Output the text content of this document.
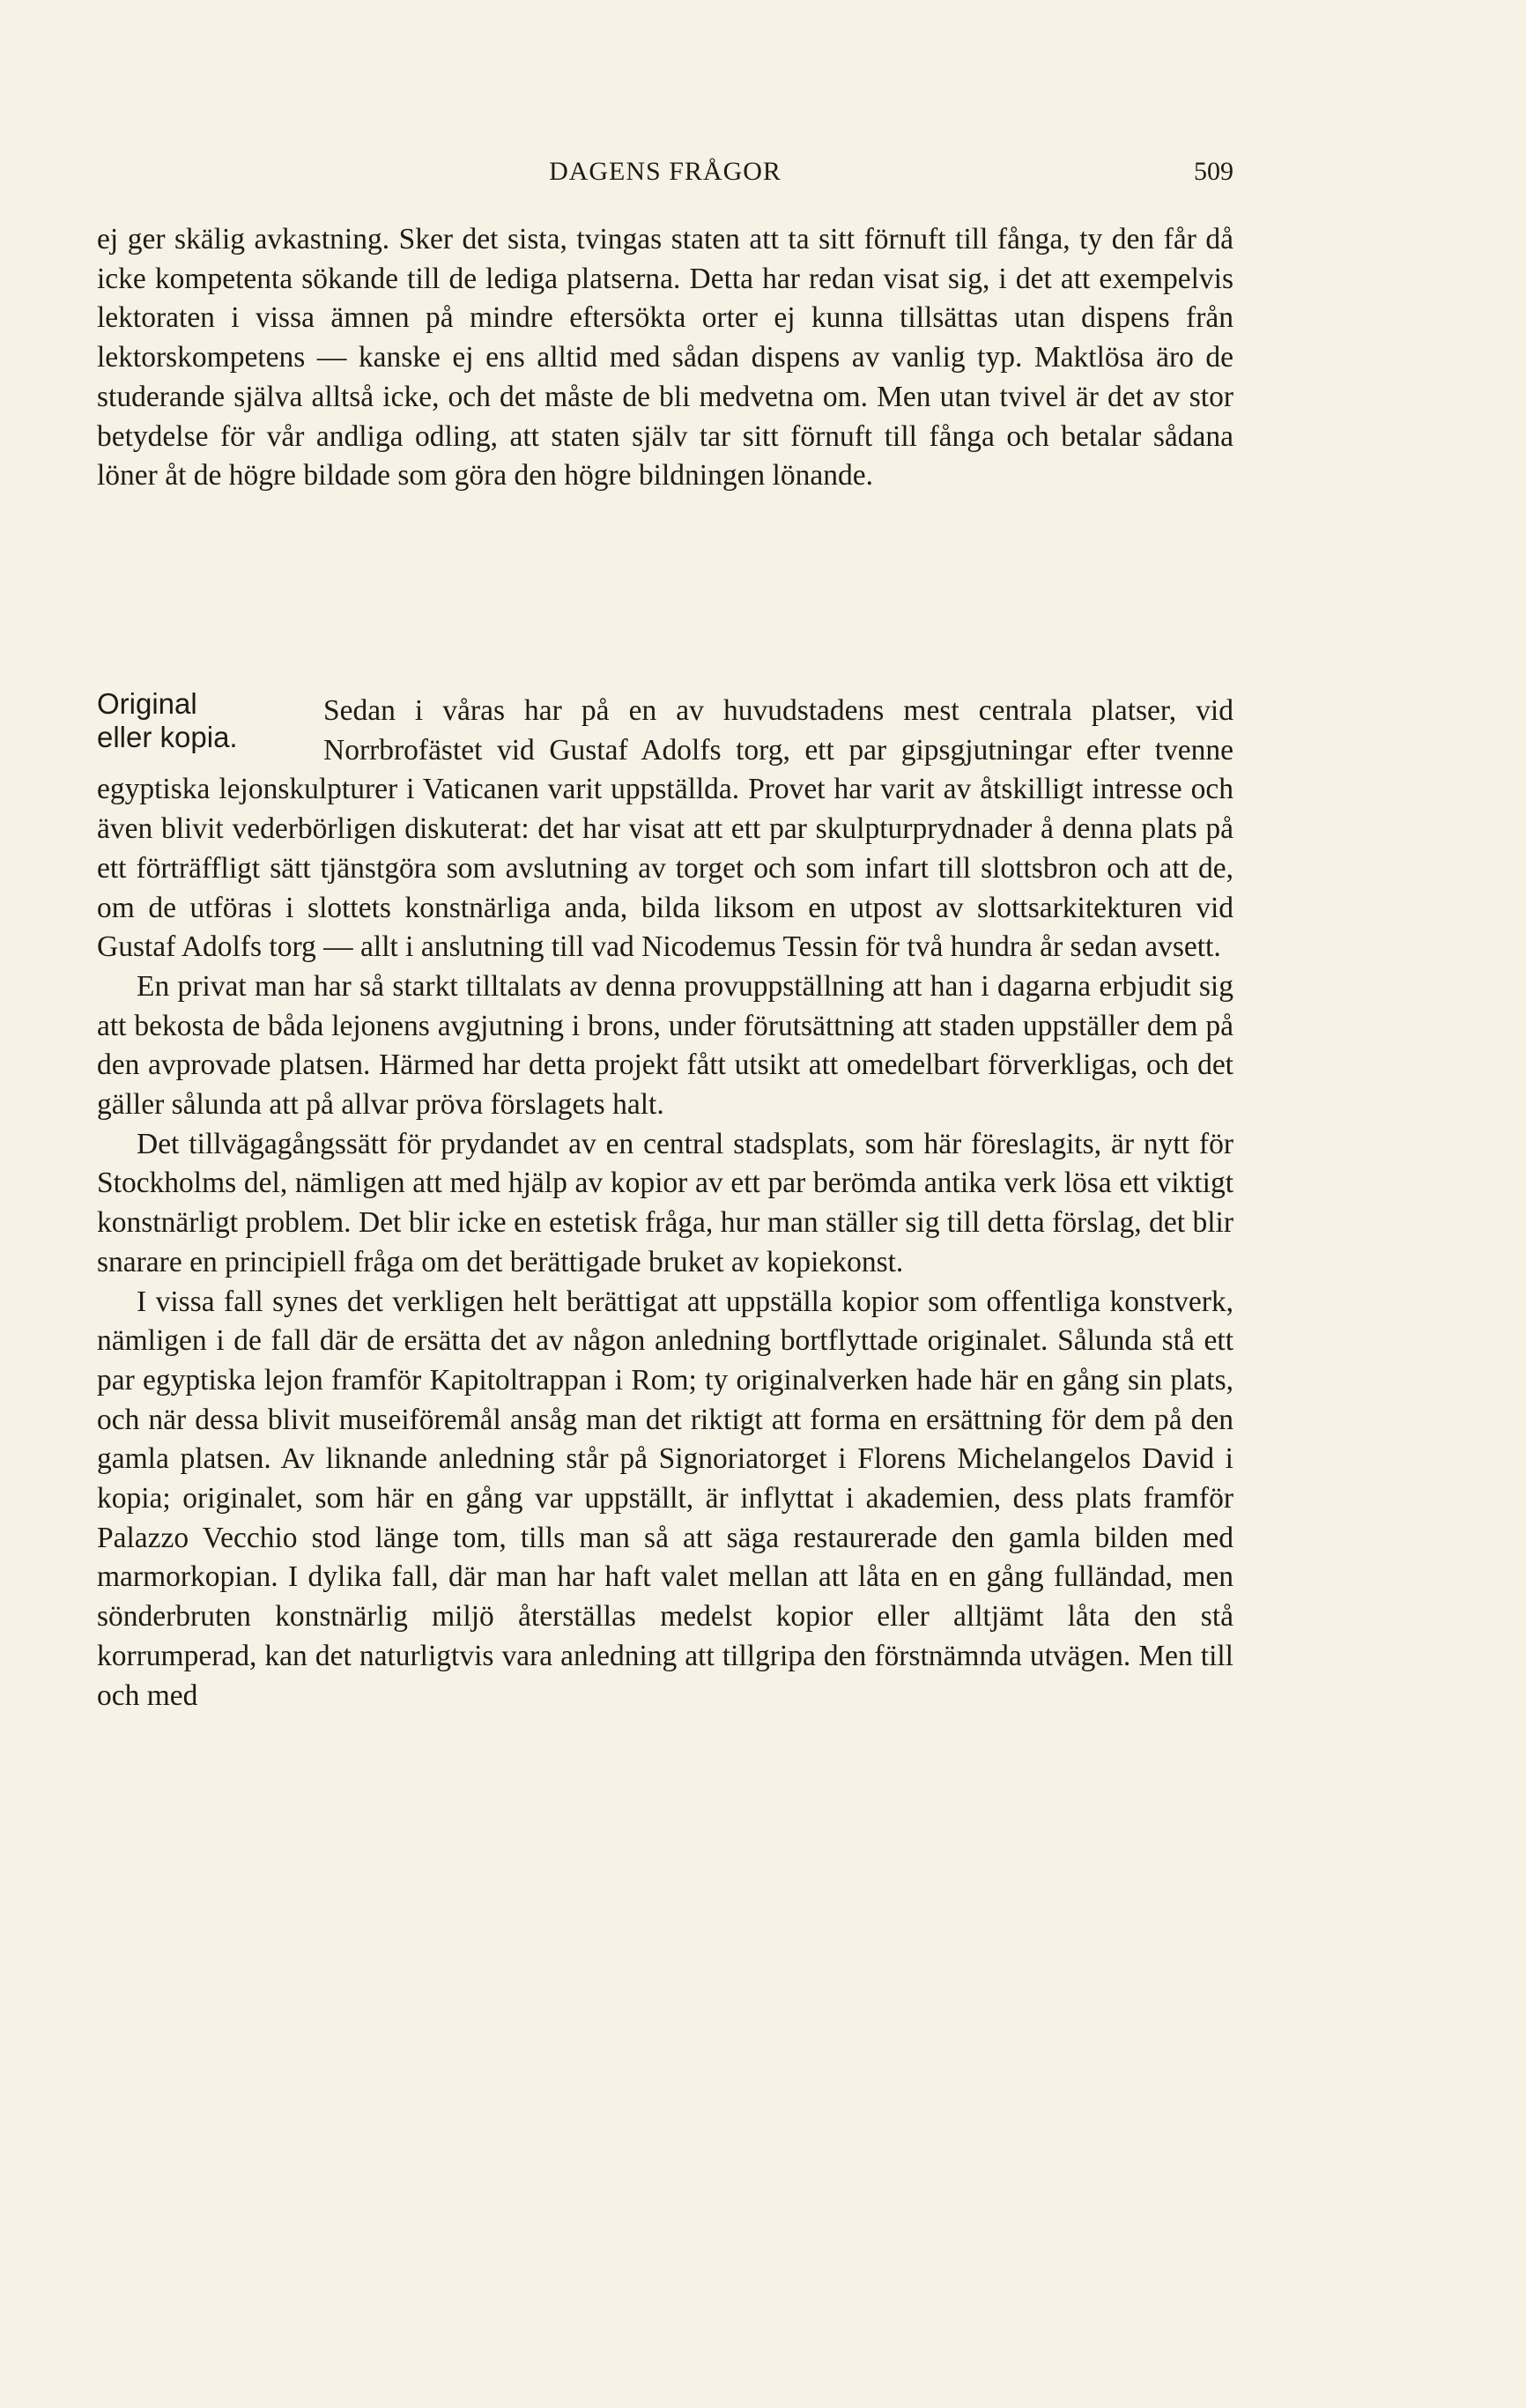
DAGENS FRÅGOR	509

ej ger skälig avkastning. Sker det sista, tvingas staten att ta sitt förnuft till fånga, ty den får då icke kompetenta sökande till de lediga platserna. Detta har redan visat sig, i det att exempelvis lektoraten i vissa ämnen på mindre eftersökta orter ej kunna tillsättas utan dispens från lektorskompetens — kanske ej ens alltid med sådan dispens av vanlig typ. Maktlösa äro de studerande själva alltså icke, och det måste de bli medvetna om. Men utan tvivel är det av stor betydelse för vår andliga odling, att staten själv tar sitt förnuft till fånga och betalar sådana löner åt de högre bildade som göra den högre bildningen lönande.

Original
eller kopia.

Sedan i våras har på en av huvudstadens mest centrala platser, vid Norrbrofästet vid Gustaf Adolfs torg, ett par gipsgjutningar efter tvenne egyptiska lejonskulpturer i Vaticanen varit uppställda. Provet har varit av åtskilligt intresse och även blivit vederbörligen diskuterat: det har visat att ett par skulpturprydnader å denna plats på ett förträffligt sätt tjänstgöra som avslutning av torget och som infart till slottsbron och att de, om de utföras i slottets konstnärliga anda, bilda liksom en utpost av slottsarkitekturen vid Gustaf Adolfs torg — allt i anslutning till vad Nicodemus Tessin för två hundra år sedan avsett.

En privat man har så starkt tilltalats av denna provuppställning att han i dagarna erbjudit sig att bekosta de båda lejonens avgjutning i brons, under förutsättning att staden uppställer dem på den avprovade platsen. Härmed har detta projekt fått utsikt att omedelbart förverkligas, och det gäller sålunda att på allvar pröva förslagets halt.

Det tillvägagångssätt för prydandet av en central stadsplats, som här föreslagits, är nytt för Stockholms del, nämligen att med hjälp av kopior av ett par berömda antika verk lösa ett viktigt konstnärligt problem. Det blir icke en estetisk fråga, hur man ställer sig till detta förslag, det blir snarare en principiell fråga om det berättigade bruket av kopiekonst.

I vissa fall synes det verkligen helt berättigat att uppställa kopior som offentliga konstverk, nämligen i de fall där de ersätta det av någon anledning bortflyttade originalet. Sålunda stå ett par egyptiska lejon framför Kapitoltrappan i Rom; ty originalverken hade här en gång sin plats, och när dessa blivit museiföremål ansåg man det riktigt att forma en ersättning för dem på den gamla platsen. Av liknande anledning står på Signoriatorget i Florens Michelangelos David i kopia; originalet, som här en gång var uppställt, är inflyttat i akademien, dess plats framför Palazzo Vecchio stod länge tom, tills man så att säga restaurerade den gamla bilden med marmorkopian. I dylika fall, där man har haft valet mellan att låta en en gång fulländad, men sönderbruten konstnärlig miljö återställas medelst kopior eller alltjämt låta den stå korrumperad, kan det naturligtvis vara anledning att tillgripa den förstnämnda utvägen. Men till och med
